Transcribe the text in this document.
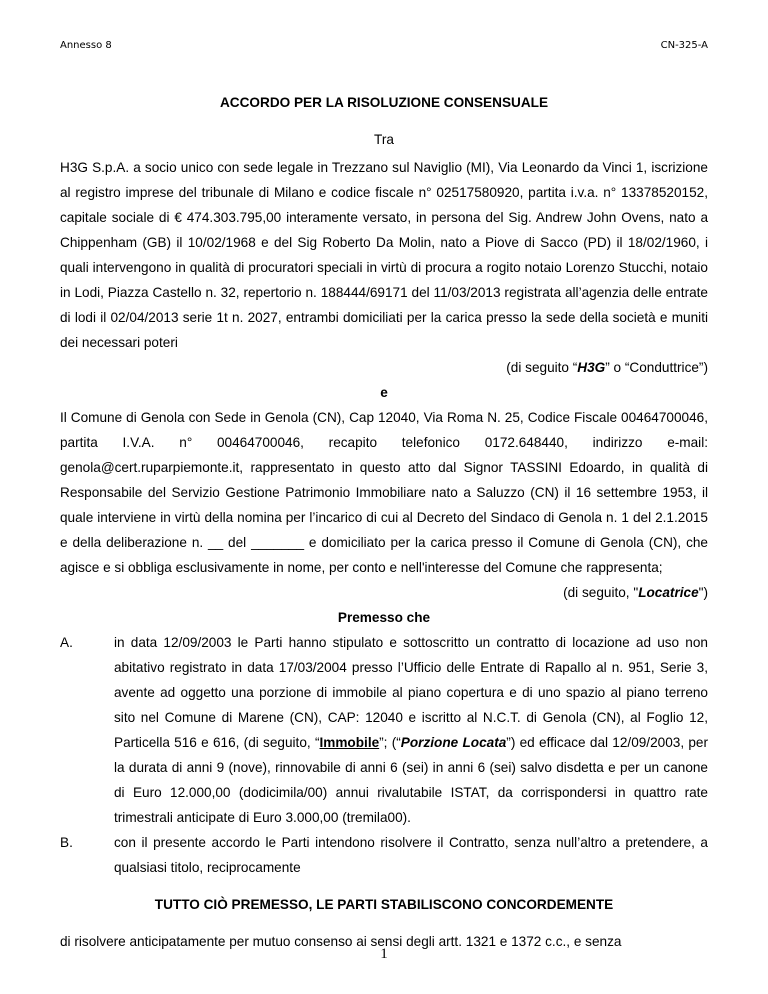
Annesso 8	CN-325-A
ACCORDO PER LA RISOLUZIONE CONSENSUALE
Tra

H3G S.p.A. a socio unico con sede legale in Trezzano sul Naviglio (MI), Via Leonardo da Vinci 1, iscrizione al registro imprese del tribunale di Milano e codice fiscale n° 02517580920, partita i.v.a. n° 13378520152, capitale sociale di € 474.303.795,00 interamente versato, in persona del Sig. Andrew John Ovens, nato a Chippenham (GB) il 10/02/1968 e del Sig Roberto Da Molin, nato a Piove di Sacco (PD) il 18/02/1960, i quali intervengono in qualità di procuratori speciali in virtù di procura a rogito notaio Lorenzo Stucchi, notaio in Lodi, Piazza Castello n. 32, repertorio n. 188444/69171 del 11/03/2013 registrata all’agenzia delle entrate di lodi il 02/04/2013 serie 1t n. 2027, entrambi domiciliati per la carica presso la sede della società e muniti dei necessari poteri

(di seguito “H3G” o “Conduttrice”)
e

Il Comune di Genola con Sede in Genola (CN), Cap 12040, Via Roma N. 25, Codice Fiscale 00464700046, partita I.V.A. n° 00464700046, recapito telefonico 0172.648440, indirizzo e-mail: genola@cert.ruparpiemonte.it, rappresentato in questo atto dal Signor TASSINI Edoardo, in qualità di Responsabile del Servizio Gestione Patrimonio Immobiliare nato a Saluzzo (CN) il 16 settembre 1953, il quale interviene in virtù della nomina per l’incarico di cui al Decreto del Sindaco di Genola n. 1 del 2.1.2015 e della deliberazione n. __ del _______ e domiciliato per la carica presso il Comune di Genola (CN), che agisce e si obbliga esclusivamente in nome, per conto e nell'interesse del Comune che rappresenta;

(di seguito, "Locatrice")
Premesso che
A.	in data 12/09/2003 le Parti hanno stipulato e sottoscritto un contratto di locazione ad uso non abitativo registrato in data 17/03/2004 presso l’Ufficio delle Entrate di Rapallo al n. 951, Serie 3, avente ad oggetto una porzione di immobile al piano copertura e di uno spazio al piano terreno sito nel Comune di Marene (CN), CAP: 12040 e iscritto al N.C.T. di Genola (CN), al Foglio 12, Particella 516 e 616, (di seguito, “Immobile”; (“Porzione Locata”) ed efficace dal 12/09/2003, per la durata di anni 9 (nove), rinnovabile di anni 6 (sei) in anni 6 (sei) salvo disdetta e per un canone di Euro 12.000,00 (dodicimila/00) annui rivalutabile ISTAT, da corrispondersi in quattro rate trimestrali anticipate di Euro 3.000,00 (tremila00).
B.	con il presente accordo le Parti intendono risolvere il Contratto, senza null’altro a pretendere, a qualsiasi titolo, reciprocamente
TUTTO CIÒ PREMESSO, LE PARTI STABILISCONO CONCORDEMENTE

di risolvere anticipatamente per mutuo consenso ai sensi degli artt. 1321 e 1372 c.c., e senza

1
